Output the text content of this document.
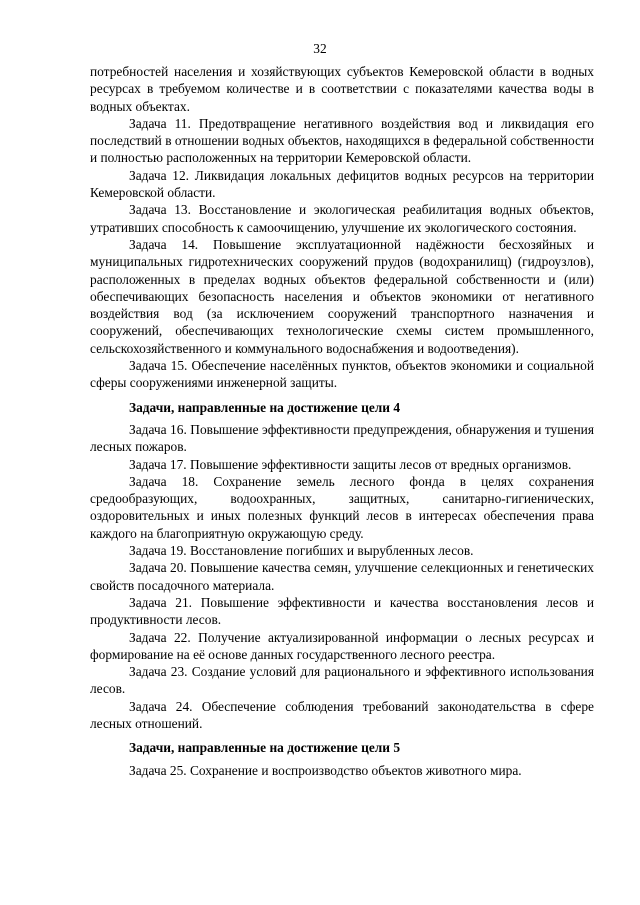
32

потребностей населения и хозяйствующих субъектов Кемеровской области в водных ресурсах в требуемом количестве и в соответствии с показателями качества воды в водных объектах.

Задача 11. Предотвращение негативного воздействия вод и ликвидация его последствий в отношении водных объектов, находящихся в федеральной собственности и полностью расположенных на территории Кемеровской области.

Задача 12. Ликвидация локальных дефицитов водных ресурсов на территории Кемеровской области.

Задача 13. Восстановление и экологическая реабилитация водных объектов, утративших способность к самоочищению, улучшение их экологического состояния.

Задача 14. Повышение эксплуатационной надёжности бесхозяйных и муниципальных гидротехнических сооружений прудов (водохранилищ) (гидроузлов), расположенных в пределах водных объектов федеральной собственности и (или) обеспечивающих безопасность населения и объектов экономики от негативного воздействия вод (за исключением сооружений транспортного назначения и сооружений, обеспечивающих технологические схемы систем промышленного, сельскохозяйственного и коммунального водоснабжения и водоотведения).

Задача 15. Обеспечение населённых пунктов, объектов экономики и социальной сферы сооружениями инженерной защиты.

Задачи, направленные на достижение цели 4

Задача 16. Повышение эффективности предупреждения, обнаружения и тушения лесных пожаров.

Задача 17. Повышение эффективности защиты лесов от вредных организмов.

Задача 18. Сохранение земель лесного фонда в целях сохранения средообразующих, водоохранных, защитных, санитарно-гигиенических, оздоровительных и иных полезных функций лесов в интересах обеспечения права каждого на благоприятную окружающую среду.

Задача 19. Восстановление погибших и вырубленных лесов.

Задача 20. Повышение качества семян, улучшение селекционных и генетических свойств посадочного материала.

Задача 21. Повышение эффективности и качества восстановления лесов и продуктивности лесов.

Задача 22. Получение актуализированной информации о лесных ресурсах и формирование на её основе данных государственного лесного реестра.

Задача 23. Создание условий для рационального и эффективного использования лесов.

Задача 24. Обеспечение соблюдения требований законодательства в сфере лесных отношений.

Задачи, направленные на достижение цели 5

Задача 25. Сохранение и воспроизводство объектов животного мира.
